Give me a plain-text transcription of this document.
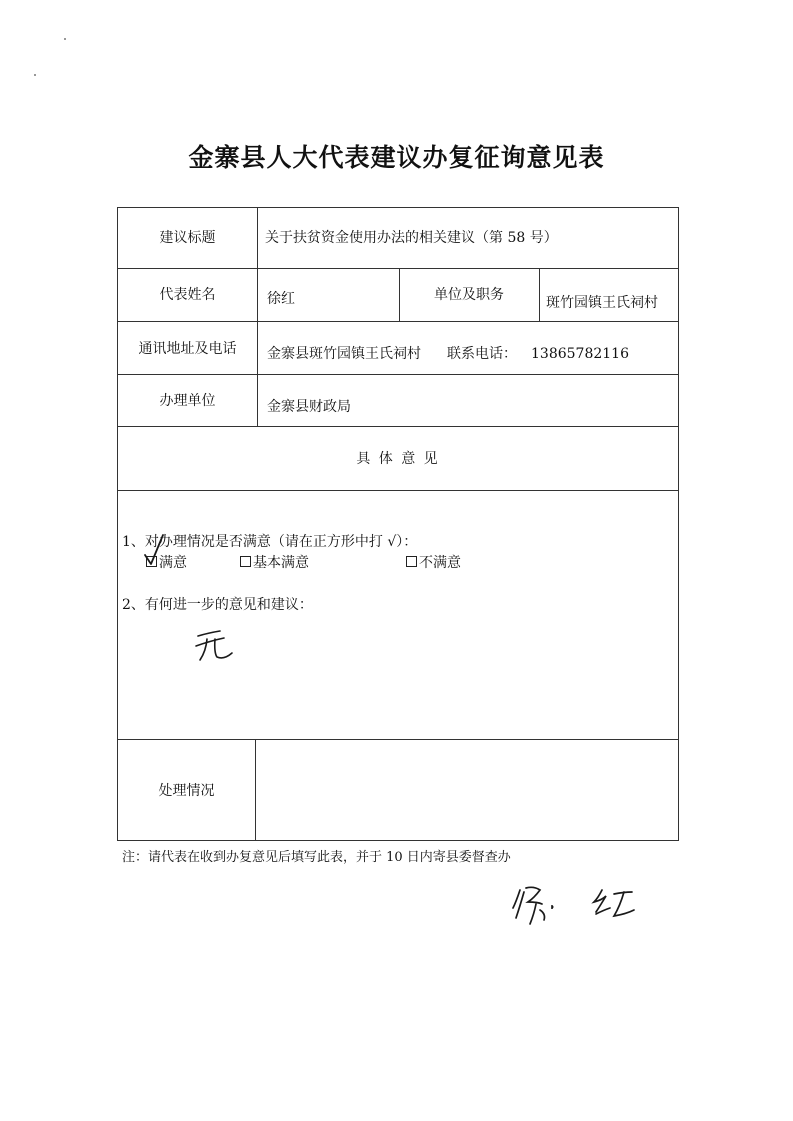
金寨县人大代表建议办复征询意见表
建议标题	关于扶贫资金使用办法的相关建议（第 58 号）
代表姓名	徐红	单位及职务	斑竹园镇王氏祠村
通讯地址及电话	金寨县斑竹园镇王氏祠村 联系电话： 13865782116
办理单位	金寨县财政局
具 体 意 见
1、对办理情况是否满意（请在正方形中打 √）：
满意	基本满意	不满意
2、有何进一步的意见和建议：
处理情况
注：请代表在收到办复意见后填写此表，并于 10 日内寄县委督查办
